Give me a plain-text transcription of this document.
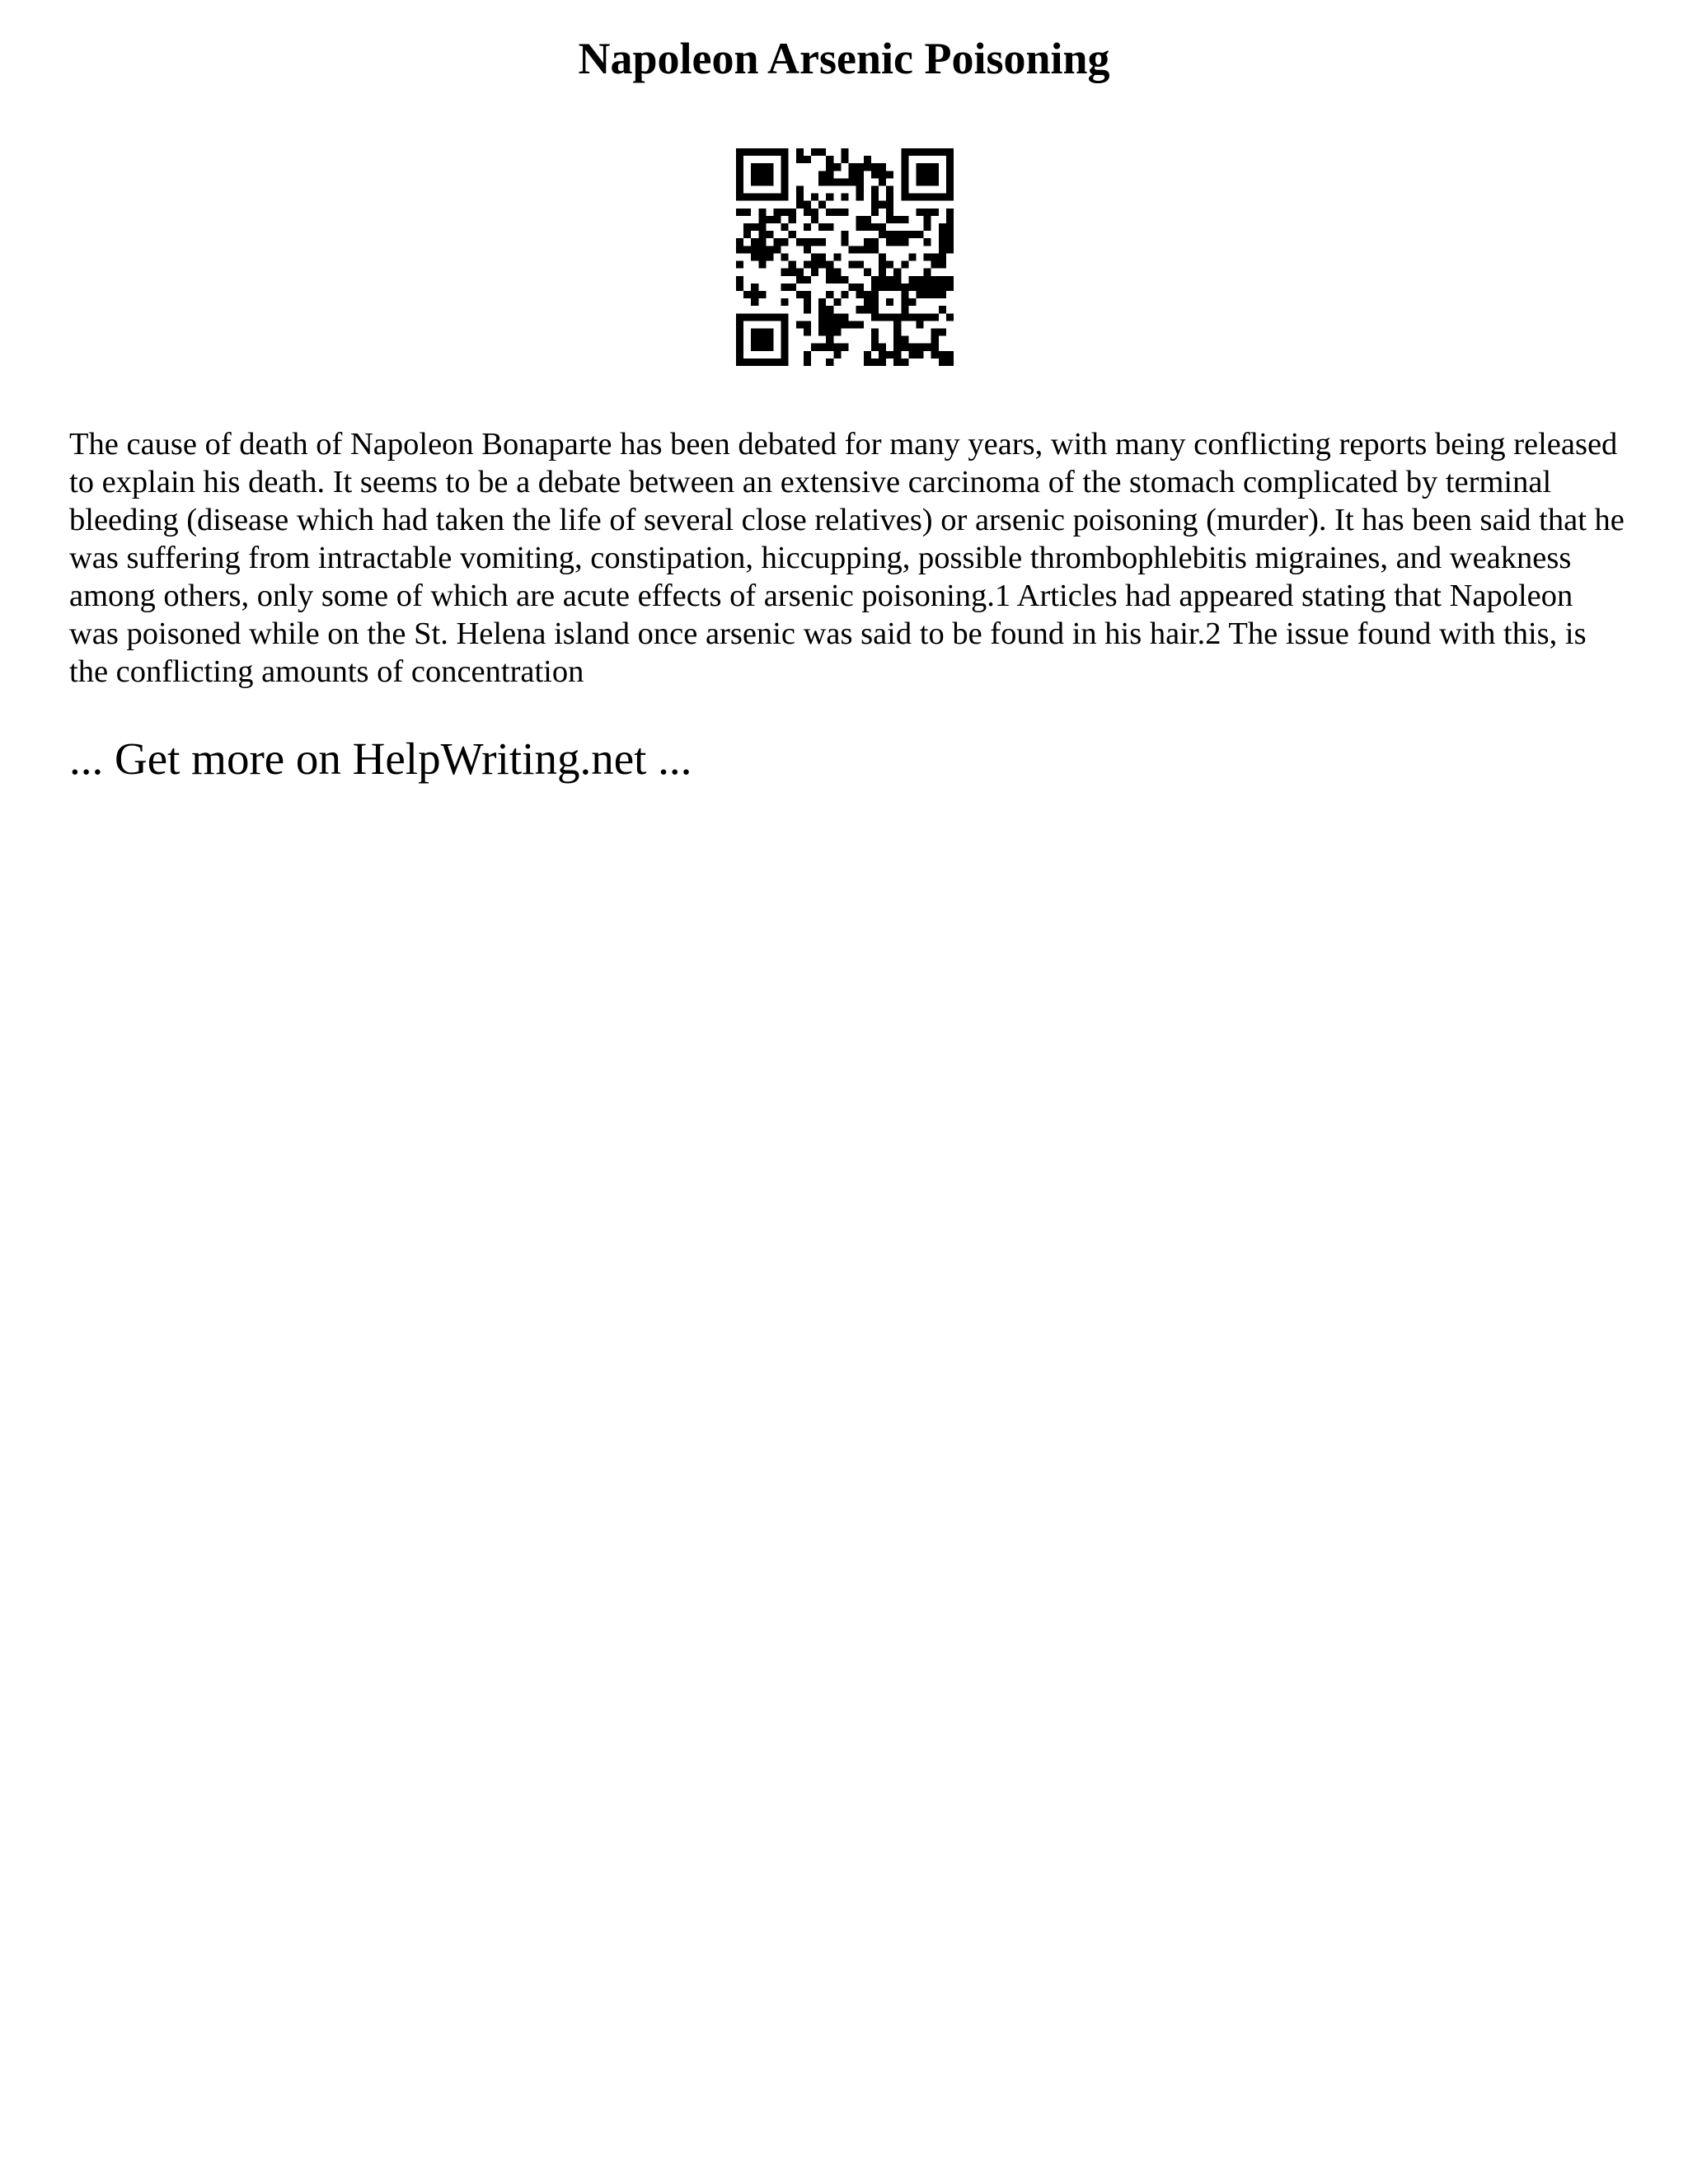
Napoleon Arsenic Poisoning

The cause of death of Napoleon Bonaparte has been debated for many years, with many conflicting reports being released to explain his death. It seems to be a debate between an extensive carcinoma of the stomach complicated by terminal bleeding (disease which had taken the life of several close relatives) or arsenic poisoning (murder). It has been said that he was suffering from intractable vomiting, constipation, hiccupping, possible thrombophlebitis migraines, and weakness among others, only some of which are acute effects of arsenic poisoning.1 Articles had appeared stating that Napoleon was poisoned while on the St. Helena island once arsenic was said to be found in his hair.2 The issue found with this, is the conflicting amounts of concentration

... Get more on HelpWriting.net ...
